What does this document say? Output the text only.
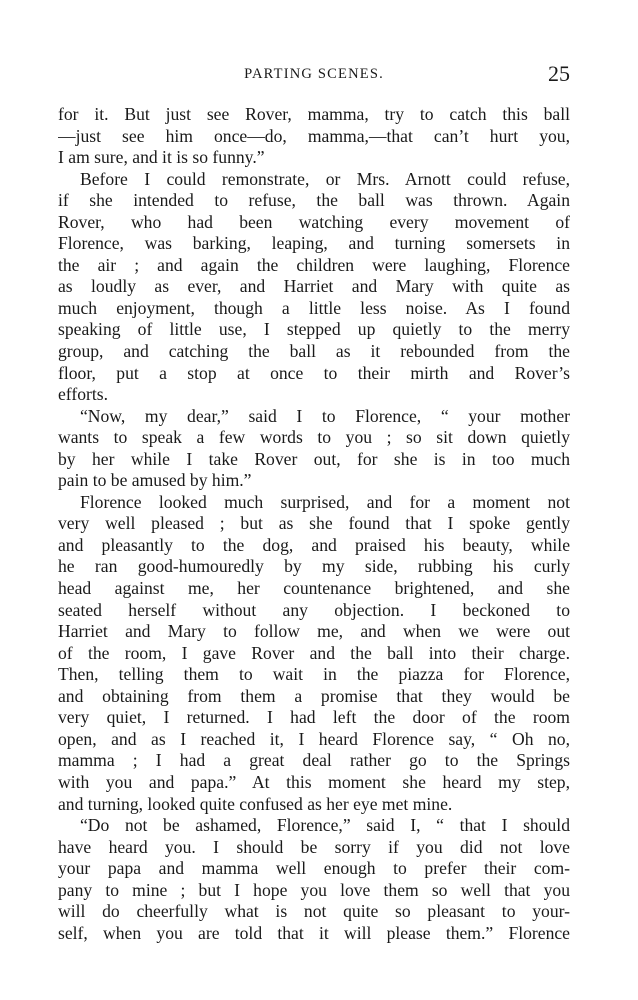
PARTING SCENES.	25
for it. But just see Rover, mamma, try to catch this ball
—just see him once—do, mamma,—that can’t hurt you,
I am sure, and it is so funny.”
Before I could remonstrate, or Mrs. Arnott could refuse,
if she intended to refuse, the ball was thrown. Again
Rover, who had been watching every movement of
Florence, was barking, leaping, and turning somersets in
the air ; and again the children were laughing, Florence
as loudly as ever, and Harriet and Mary with quite as
much enjoyment, though a little less noise. As I found
speaking of little use, I stepped up quietly to the merry
group, and catching the ball as it rebounded from the
floor, put a stop at once to their mirth and Rover’s
efforts.
“Now, my dear,” said I to Florence, “ your mother
wants to speak a few words to you ; so sit down quietly
by her while I take Rover out, for she is in too much
pain to be amused by him.”
Florence looked much surprised, and for a moment not
very well pleased ; but as she found that I spoke gently
and pleasantly to the dog, and praised his beauty, while
he ran good-humouredly by my side, rubbing his curly
head against me, her countenance brightened, and she
seated herself without any objection. I beckoned to
Harriet and Mary to follow me, and when we were out
of the room, I gave Rover and the ball into their charge.
Then, telling them to wait in the piazza for Florence,
and obtaining from them a promise that they would be
very quiet, I returned. I had left the door of the room
open, and as I reached it, I heard Florence say, “ Oh no,
mamma ; I had a great deal rather go to the Springs
with you and papa.” At this moment she heard my step,
and turning, looked quite confused as her eye met mine.
“Do not be ashamed, Florence,” said I, “ that I should
have heard you. I should be sorry if you did not love
your papa and mamma well enough to prefer their com-
pany to mine ; but I hope you love them so well that you
will do cheerfully what is not quite so pleasant to your-
self, when you are told that it will please them.” Florence
